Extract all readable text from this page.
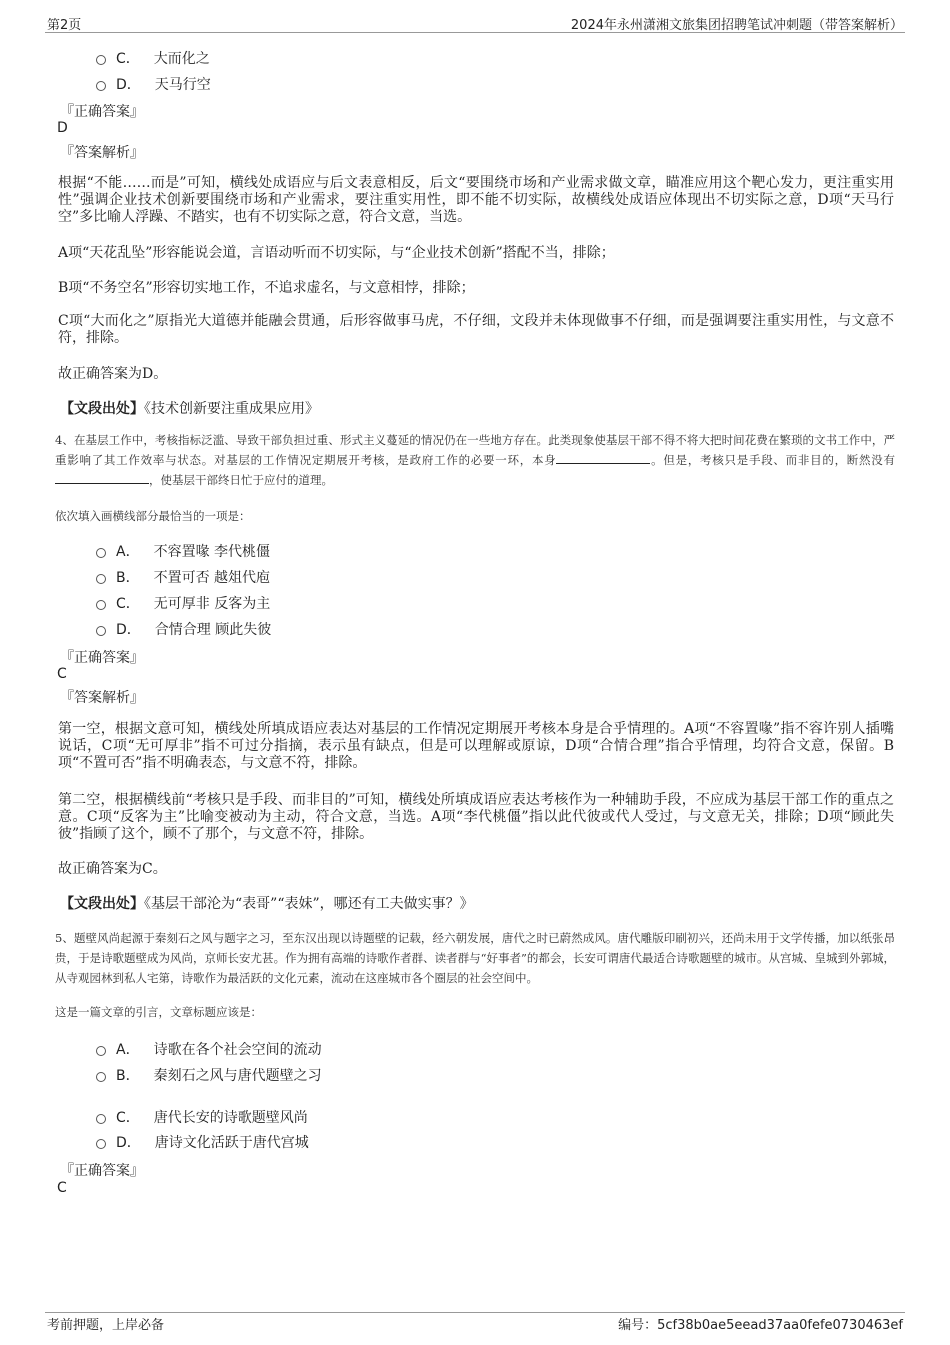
第2页	2024年永州潇湘文旅集团招聘笔试冲刺题（带答案解析）
C． 大而化之
D． 天马行空
『正确答案』
D
『答案解析』
根据“不能……而是”可知，横线处成语应与后文表意相反，后文“要围绕市场和产业需求做文章，瞄准应用这个靶心发力，更注重实用性”强调企业技术创新要围绕市场和产业需求，要注重实用性，即不能不切实际，故横线处成语应体现出不切实际之意，D项“天马行空”多比喻人浮躁、不踏实，也有不切实际之意，符合文意，当选。
A项“天花乱坠”形容能说会道，言语动听而不切实际，与“企业技术创新”搭配不当，排除；
B项“不务空名”形容切实地工作，不追求虚名，与文意相悖，排除；
C项“大而化之”原指光大道德并能融会贯通，后形容做事马虎，不仔细，文段并未体现做事不仔细，而是强调要注重实用性，与文意不符，排除。
故正确答案为D。
【文段出处】《技术创新要注重成果应用》
4、在基层工作中，考核指标泛滥、导致干部负担过重、形式主义蔓延的情况仍在一些地方存在。此类现象使基层干部不得不将大把时间花费在繁琐的文书工作中，严重影响了其工作效率与状态。对基层的工作情况定期展开考核，是政府工作的必要一环，本身	。但是，考核只是手段、而非目的，断然没有，使基层干部终日忙于应付的道理。
依次填入画横线部分最恰当的一项是：
A． 不容置喙 李代桃僵
B． 不置可否 越俎代庖
C． 无可厚非 反客为主
D． 合情合理 顾此失彼
『正确答案』
C
『答案解析』
第一空，根据文意可知，横线处所填成语应表达对基层的工作情况定期展开考核本身是合乎情理的。A项“不容置喙”指不容许别人插嘴说话，C项“无可厚非”指不可过分指摘，表示虽有缺点，但是可以理解或原谅，D项“合情合理”指合乎情理，均符合文意，保留。B项“不置可否”指不明确表态，与文意不符，排除。
第二空，根据横线前“考核只是手段、而非目的”可知，横线处所填成语应表达考核作为一种辅助手段，不应成为基层干部工作的重点之意。C项“反客为主”比喻变被动为主动，符合文意，当选。A项“李代桃僵”指以此代彼或代人受过，与文意无关，排除；D项“顾此失彼”指顾了这个，顾不了那个，与文意不符，排除。
故正确答案为C。
【文段出处】《基层干部沦为“表哥”“表妹”，哪还有工夫做实事？》
5、题壁风尚起源于秦刻石之风与题字之习，至东汉出现以诗题壁的记载，经六朝发展，唐代之时已蔚然成风。唐代雕版印刷初兴，还尚未用于文学传播，加以纸张昂贵，于是诗歌题壁成为风尚，京师长安尤甚。作为拥有高端的诗歌作者群、读者群与“好事者”的都会，长安可谓唐代最适合诗歌题壁的城市。从宫城、皇城到外郭城，从寺观园林到私人宅第，诗歌作为最活跃的文化元素，流动在这座城市各个圈层的社会空间中。
这是一篇文章的引言，文章标题应该是：
A． 诗歌在各个社会空间的流动
B． 秦刻石之风与唐代题壁之习
C． 唐代长安的诗歌题壁风尚
D． 唐诗文化活跃于唐代宫城
『正确答案』
C
考前押题，上岸必备	编号：5cf38b0ae5eead37aa0fefe0730463ef
